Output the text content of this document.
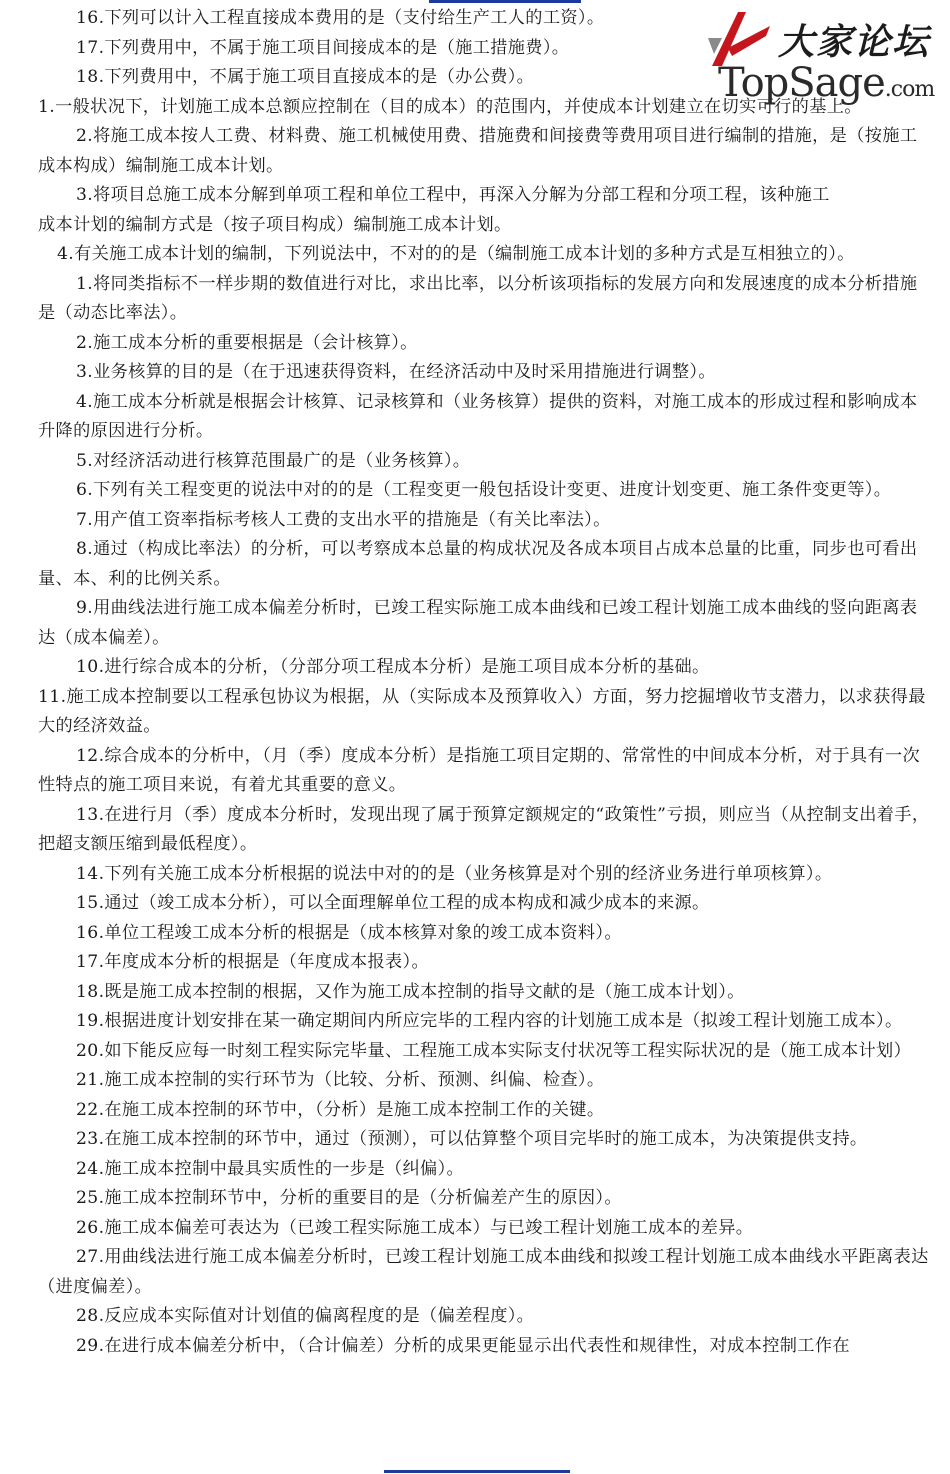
16.下列可以计入工程直接成本费用的是（支付给生产工人的工资）。

17.下列费用中，不属于施工项目间接成本的是（施工措施费）。

18.下列费用中，不属于施工项目直接成本的是（办公费）。

1.一般状况下，计划施工成本总额应控制在（目的成本）的范围内，并使成本计划建立在切实可行的基上。

2.将施工成本按人工费、材料费、施工机械使用费、措施费和间接费等费用项目进行编制的措施，是（按施工成本构成）编制施工成本计划。

3.将项目总施工成本分解到单项工程和单位工程中，再深入分解为分部工程和分项工程，该种施工
成本计划的编制方式是（按子项目构成）编制施工成本计划。

4.有关施工成本计划的编制，下列说法中，不对的的是（编制施工成本计划的多种方式是互相独立的）。

1.将同类指标不一样步期的数值进行对比，求出比率，以分析该项指标的发展方向和发展速度的成本分析措施是（动态比率法）。

2.施工成本分析的重要根据是（会计核算）。

3.业务核算的目的是（在于迅速获得资料，在经济活动中及时采用措施进行调整）。

4.施工成本分析就是根据会计核算、记录核算和（业务核算）提供的资料，对施工成本的形成过程和影响成本升降的原因进行分析。

5.对经济活动进行核算范围最广的是（业务核算）。

6.下列有关工程变更的说法中对的的是（工程变更一般包括设计变更、进度计划变更、施工条件变更等）。

7.用产值工资率指标考核人工费的支出水平的措施是（有关比率法）。

8.通过（构成比率法）的分析，可以考察成本总量的构成状况及各成本项目占成本总量的比重，同步也可看出量、本、利的比例关系。

9.用曲线法进行施工成本偏差分析时，已竣工程实际施工成本曲线和已竣工程计划施工成本曲线的竖向距离表达（成本偏差）。

10.进行综合成本的分析，（分部分项工程成本分析）是施工项目成本分析的基础。

11.施工成本控制要以工程承包协议为根据，从（实际成本及预算收入）方面，努力挖掘增收节支潜力，以求获得最大的经济效益。

12.综合成本的分析中，（月（季）度成本分析）是指施工项目定期的、常常性的中间成本分析，对于具有一次性特点的施工项目来说，有着尤其重要的意义。

13.在进行月（季）度成本分析时，发现出现了属于预算定额规定的“政策性”亏损，则应当（从控制支出着手，把超支额压缩到最低程度）。

14.下列有关施工成本分析根据的说法中对的的是（业务核算是对个别的经济业务进行单项核算）。

15.通过（竣工成本分析），可以全面理解单位工程的成本构成和减少成本的来源。

16.单位工程竣工成本分析的根据是（成本核算对象的竣工成本资料）。

17.年度成本分析的根据是（年度成本报表）。

18.既是施工成本控制的根据，又作为施工成本控制的指导文献的是（施工成本计划）。

19.根据进度计划安排在某一确定期间内所应完毕的工程内容的计划施工成本是（拟竣工程计划施工成本）。

20.如下能反应每一时刻工程实际完毕量、工程施工成本实际支付状况等工程实际状况的是（施工成本计划）

21.施工成本控制的实行环节为（比较、分析、预测、纠偏、检查）。

22.在施工成本控制的环节中，（分析）是施工成本控制工作的关键。

23.在施工成本控制的环节中，通过（预测），可以估算整个项目完毕时的施工成本，为决策提供支持。

24.施工成本控制中最具实质性的一步是（纠偏）。

25.施工成本控制环节中，分析的重要目的是（分析偏差产生的原因）。

26.施工成本偏差可表达为（已竣工程实际施工成本）与已竣工程计划施工成本的差异。

27.用曲线法进行施工成本偏差分析时，已竣工程计划施工成本曲线和拟竣工程计划施工成本曲线水平距离表达（进度偏差）。

28.反应成本实际值对计划值的偏离程度的是（偏差程度）。

29.在进行成本偏差分析中，（合计偏差）分析的成果更能显示出代表性和规律性，对成本控制工作在

大家论坛
TopSage.com
